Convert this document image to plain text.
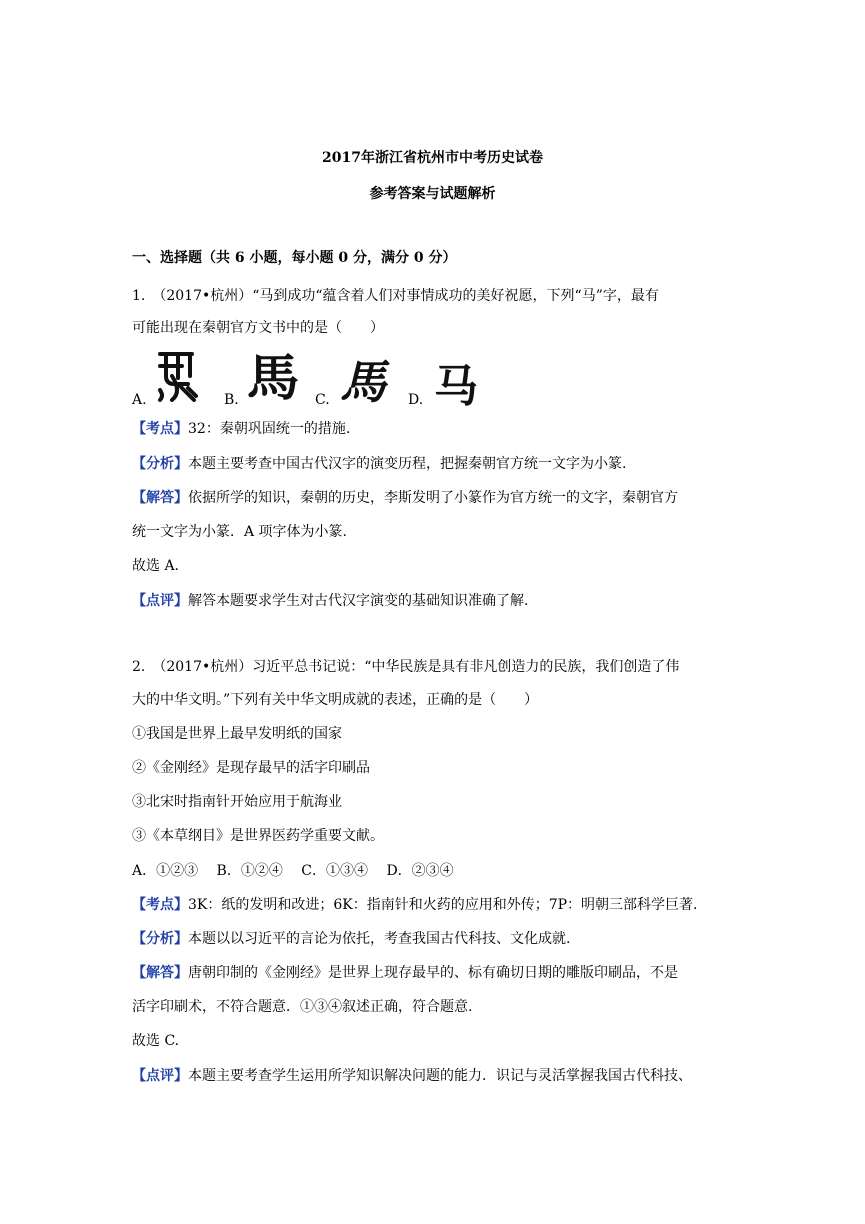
2017年浙江省杭州市中考历史试卷
参考答案与试题解析
一、选择题（共 6 小题，每小题 0 分，满分 0 分）
1.　（2017•杭州）“马到成功“蕴含着人们对事情成功的美好祝愿，下列“马”字，最有
可能出现在秦朝官方文书中的是（　　）
馬 馬 马
A.	B.	C.	D.
【考点】32：秦朝巩固统一的措施.
【分析】本题主要考查中国古代汉字的演变历程，把握秦朝官方统一文字为小篆.
【解答】依据所学的知识，秦朝的历史，李斯发明了小篆作为官方统一的文字，秦朝官方
统一文字为小篆．A 项字体为小篆.
故选 A.
【点评】解答本题要求学生对古代汉字演变的基础知识准确了解.
2.　（2017•杭州）习近平总书记说：“中华民族是具有非凡创造力的民族，我们创造了伟
大的中华文明。”下列有关中华文明成就的表述，正确的是（　　）
①我国是世界上最早发明纸的国家
②《金刚经》是现存最早的活字印刷品
③北宋时指南针开始应用于航海业
③《本草纲目》是世界医药学重要文献。
A．①②③　 B．①②④　 C．①③④　 D．②③④
【考点】3K：纸的发明和改进；6K：指南针和火药的应用和外传；7P：明朝三部科学巨著.
【分析】本题以以习近平的言论为依托，考查我国古代科技、文化成就.
【解答】唐朝印制的《金刚经》是世界上现存最早的、标有确切日期的雕版印刷品，不是
活字印刷术，不符合题意．①③④叙述正确，符合题意.
故选 C.
【点评】本题主要考查学生运用所学知识解决问题的能力．识记与灵活掌握我国古代科技、
